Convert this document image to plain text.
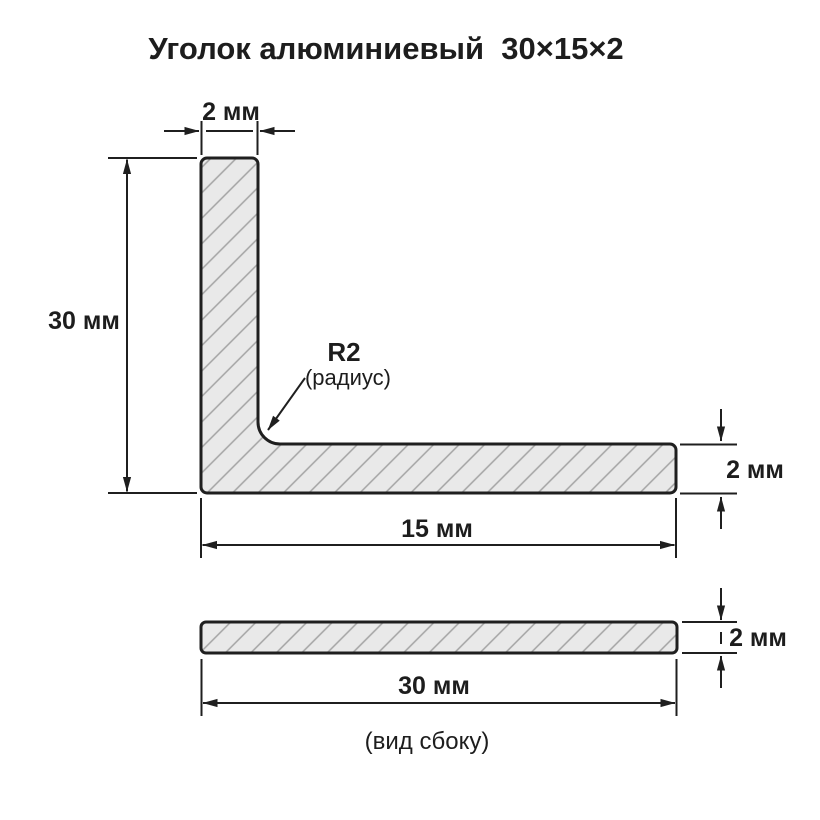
Уголок алюминиевый  30×15×2
2 мм
30 мм
R2
(радиус)
2 мм
15 мм
2 мм
30 мм
(вид сбоку)
